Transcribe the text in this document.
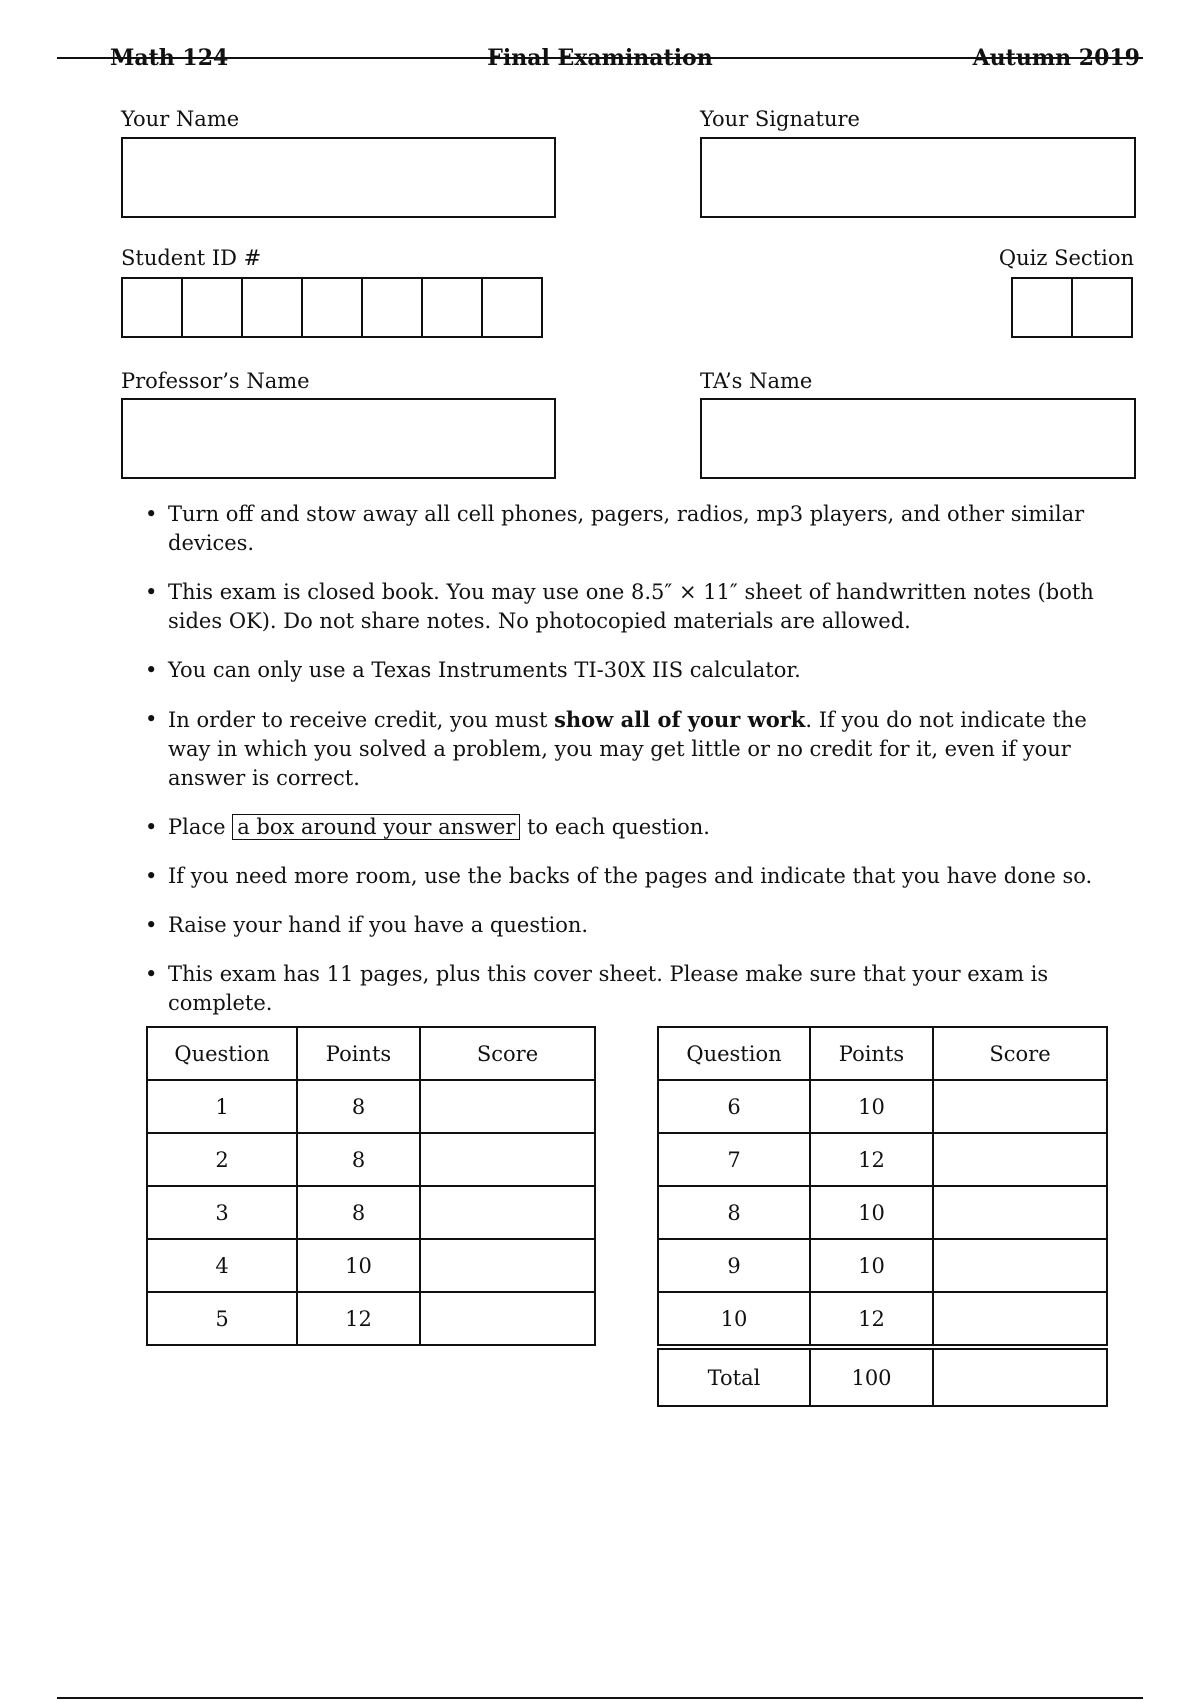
Math 124	Final Examination	Autumn 2019
Your Name	Your Signature
Student ID #	Quiz Section
Professor’s Name	TA’s Name
• Turn off and stow away all cell phones, pagers, radios, mp3 players, and other similar devices.
• This exam is closed book. You may use one 8.5″ × 11″ sheet of handwritten notes (both sides OK). Do not share notes. No photocopied materials are allowed.
• You can only use a Texas Instruments TI-30X IIS calculator.
• In order to receive credit, you must show all of your work. If you do not indicate the way in which you solved a problem, you may get little or no credit for it, even if your answer is correct.
• Place a box around your answer to each question.
• If you need more room, use the backs of the pages and indicate that you have done so.
• Raise your hand if you have a question.
• This exam has 11 pages, plus this cover sheet. Please make sure that your exam is complete.
Question	Points	Score
1	8	
2	8	
3	8	
4	10	
5	12	
Question	Points	Score
6	10	
7	12	
8	10	
9	10	
10	12	

Total	100	
